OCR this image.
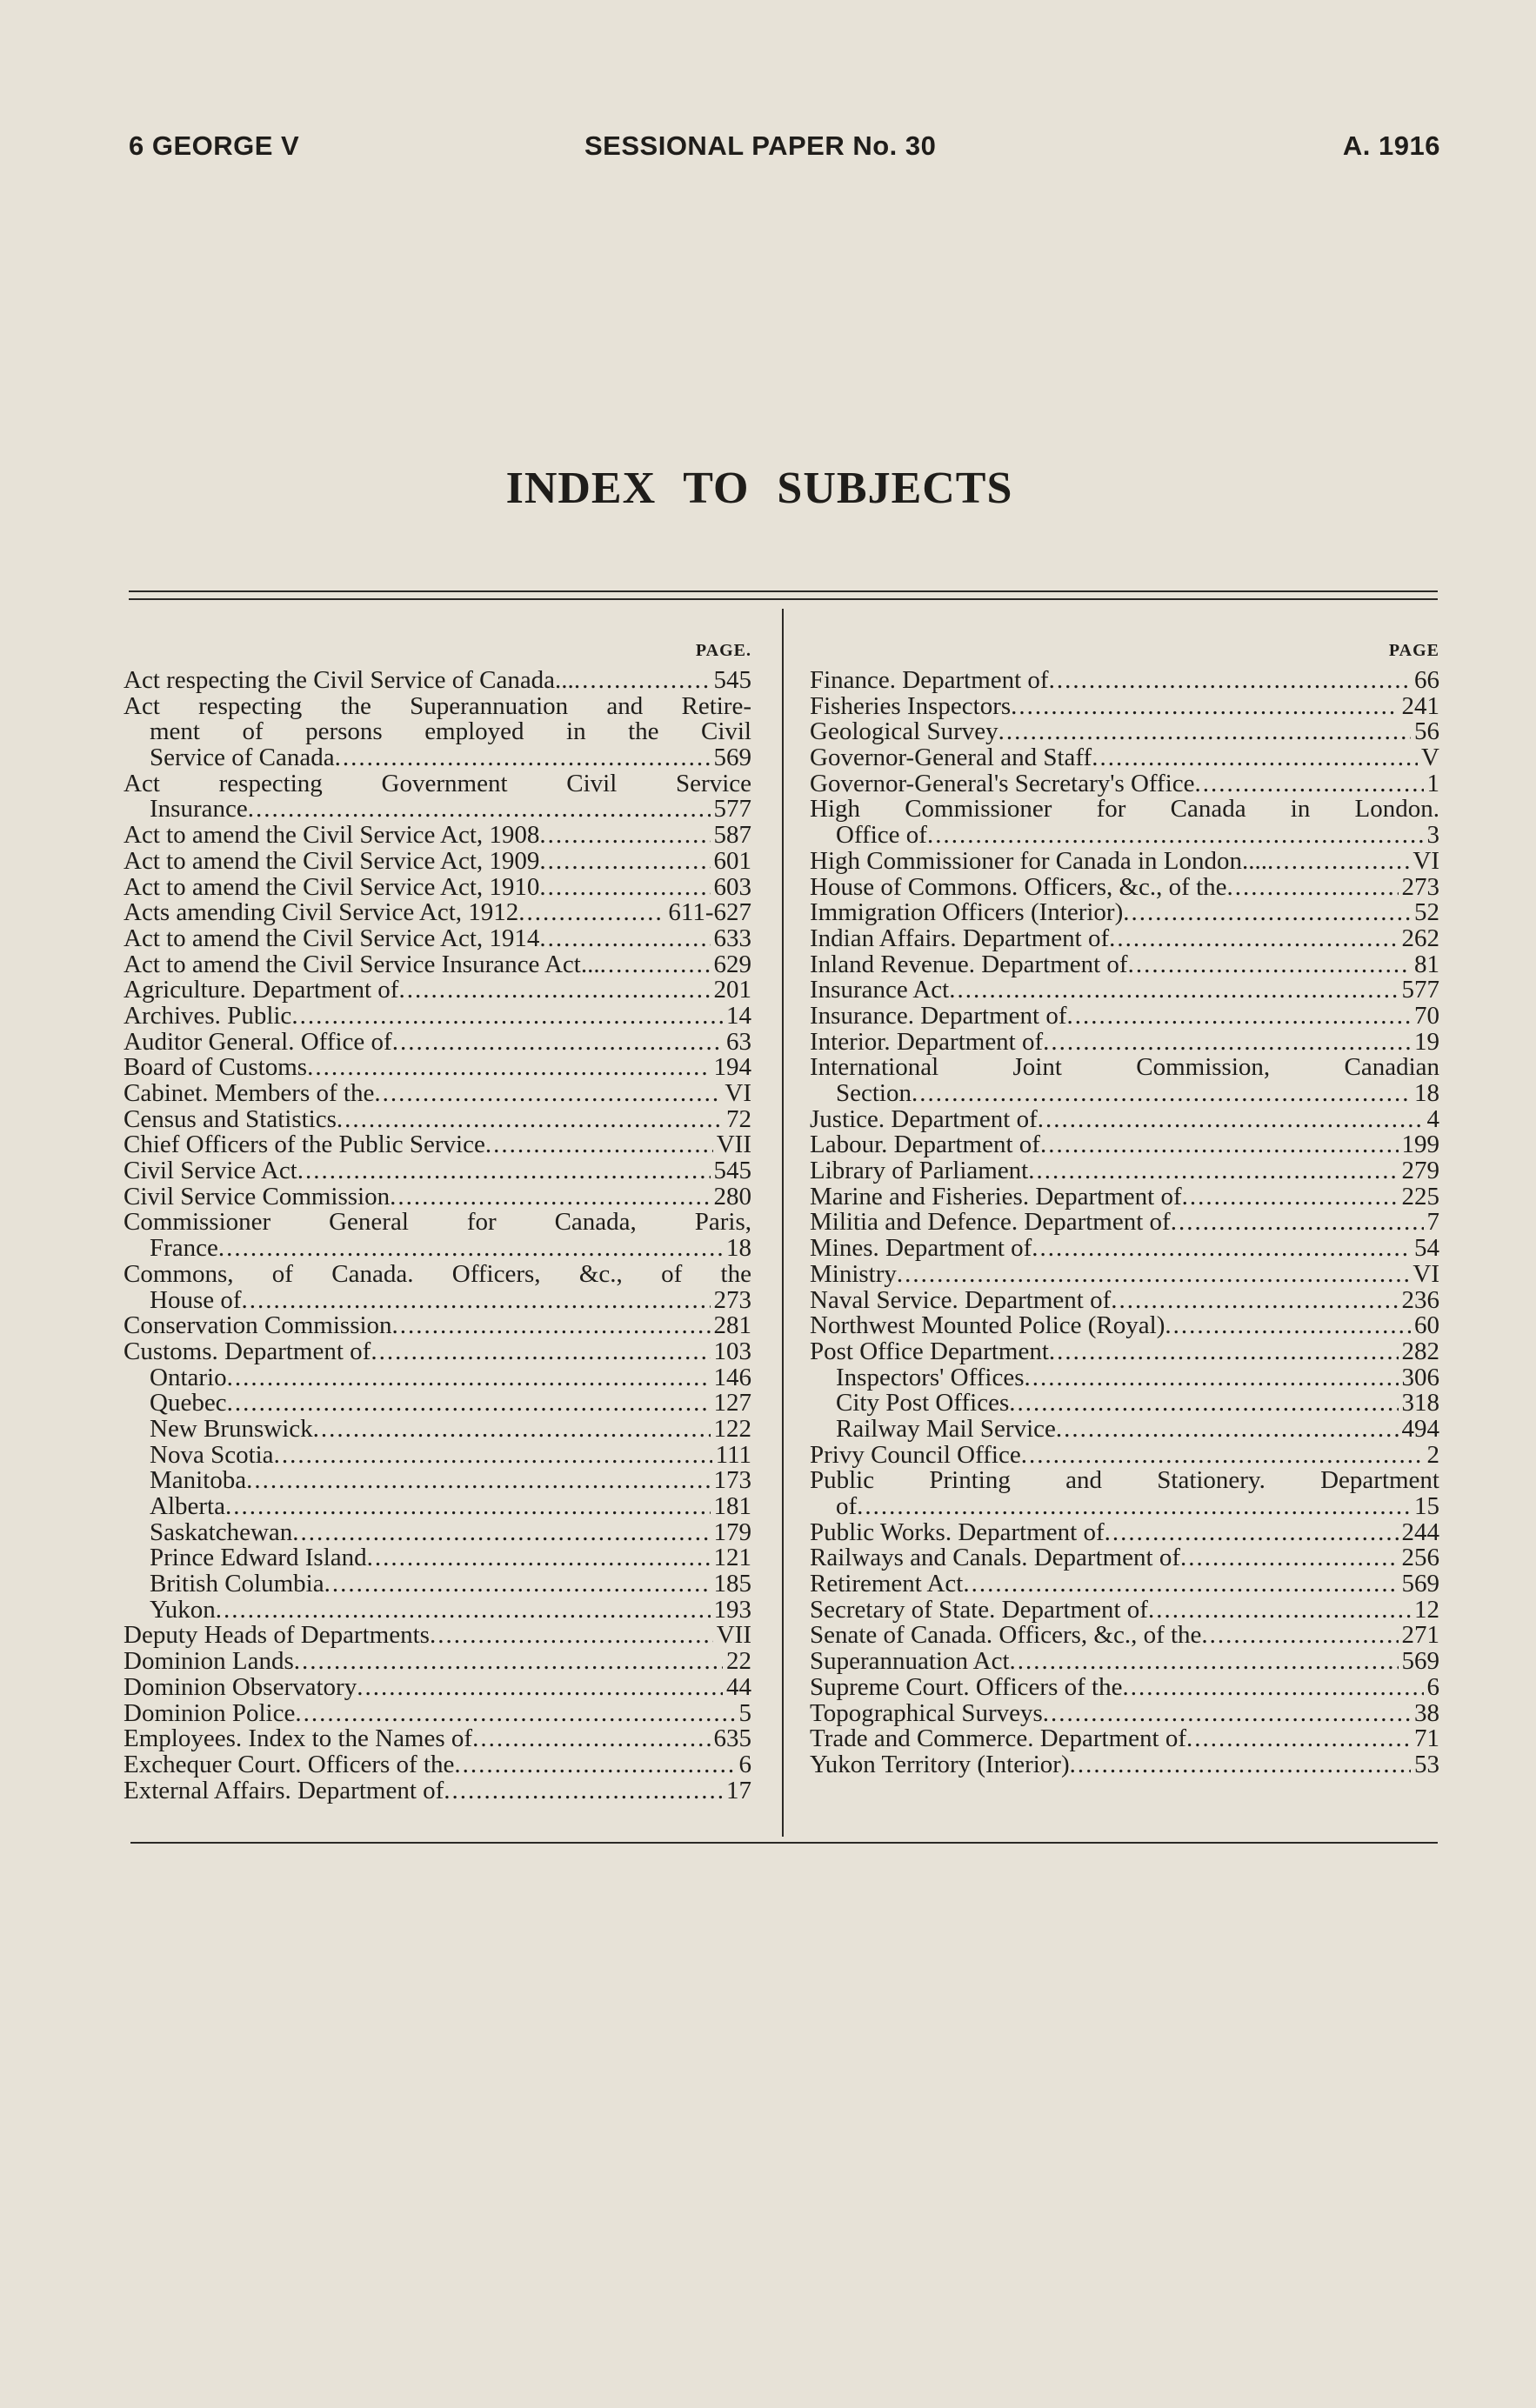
6 GEORGE V	SESSIONAL PAPER No. 30	A. 1916
INDEX TO SUBJECTS
PAGE.
Act respecting the Civil Service of Canada... .....	545
Act respecting the Superannuation and Retire-
ment of persons employed in the Civil
Service of Canada .....	569
Act respecting Government Civil Service
Insurance .....	577
Act to amend the Civil Service Act, 1908 .....	587
Act to amend the Civil Service Act, 1909 .....	601
Act to amend the Civil Service Act, 1910 .....	603
Acts amending Civil Service Act, 1912 .....	611-627
Act to amend the Civil Service Act, 1914 .....	633
Act to amend the Civil Service Insurance Act... .....	629
Agriculture. Department of .....	201
Archives. Public .....	14
Auditor General. Office of .....	63
Board of Customs .....	194
Cabinet. Members of the .....	VI
Census and Statistics .....	72
Chief Officers of the Public Service .....	VII
Civil Service Act .....	545
Civil Service Commission .....	280
Commissioner General for Canada, Paris,
France .....	18
Commons, of Canada. Officers, &c., of the
House of .....	273
Conservation Commission .....	281
Customs. Department of .....	103
Ontario .....	146
Quebec .....	127
New Brunswick .....	122
Nova Scotia .....	111
Manitoba .....	173
Alberta .....	181
Saskatchewan .....	179
Prince Edward Island .....	121
British Columbia .....	185
Yukon .....	193
Deputy Heads of Departments .....	VII
Dominion Lands .....	22
Dominion Observatory .....	44
Dominion Police .....	5
Employees. Index to the Names of .....	635
Exchequer Court. Officers of the .....	6
External Affairs. Department of .....	17
PAGE
Finance. Department of .....	66
Fisheries Inspectors .....	241
Geological Survey .....	56
Governor-General and Staff .....	V
Governor-General's Secretary's Office .....	1
High Commissioner for Canada in London.
Office of .....	3
High Commissioner for Canada in London.... .....	VI
House of Commons. Officers, &c., of the .....	273
Immigration Officers (Interior) .....	52
Indian Affairs. Department of .....	262
Inland Revenue. Department of .....	81
Insurance Act .....	577
Insurance. Department of .....	70
Interior. Department of .....	19
International Joint Commission, Canadian
Section .....	18
Justice. Department of .....	4
Labour. Department of .....	199
Library of Parliament .....	279
Marine and Fisheries. Department of .....	225
Militia and Defence. Department of .....	7
Mines. Department of .....	54
Ministry .....	VI
Naval Service. Department of .....	236
Northwest Mounted Police (Royal) .....	60
Post Office Department .....	282
Inspectors' Offices .....	306
City Post Offices .....	318
Railway Mail Service .....	494
Privy Council Office .....	2
Public Printing and Stationery. Department
of .....	15
Public Works. Department of .....	244
Railways and Canals. Department of .....	256
Retirement Act .....	569
Secretary of State. Department of .....	12
Senate of Canada. Officers, &c., of the .....	271
Superannuation Act .....	569
Supreme Court. Officers of the .....	6
Topographical Surveys .....	38
Trade and Commerce. Department of .....	71
Yukon Territory (Interior) .....	53
